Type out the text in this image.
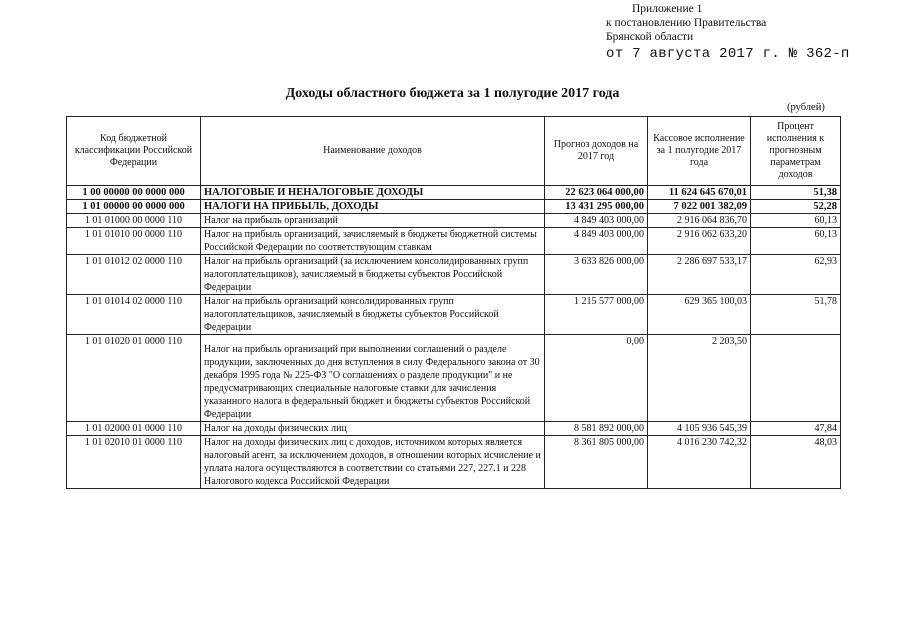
Приложение 1
к постановлению Правительства
Брянской области
от 7 августа 2017 г. № 362-п
Доходы областного бюджета за 1 полугодие 2017 года
(рублей)
Код бюджетной классификации Российской Федерации	Наименование доходов	Прогноз доходов на 2017 год	Кассовое исполнение за 1 полугодие 2017 года	Процент исполнения к прогнозным параметрам доходов
1 00 00000 00 0000 000	НАЛОГОВЫЕ И НЕНАЛОГОВЫЕ ДОХОДЫ	22 623 064 000,00	11 624 645 670,01	51,38
1 01 00000 00 0000 000	НАЛОГИ НА ПРИБЫЛЬ, ДОХОДЫ	13 431 295 000,00	7 022 001 382,09	52,28
1 01 01000 00 0000 110	Налог на прибыль организаций	4 849 403 000,00	2 916 064 836,70	60,13
1 01 01010 00 0000 110	Налог на прибыль организаций, зачисляемый в бюджеты бюджетной системы Российской Федерации по соответствующим ставкам	4 849 403 000,00	2 916 062 633,20	60,13
1 01 01012 02 0000 110	Налог на прибыль организаций (за исключением консолидированных групп налогоплательщиков), зачисляемый в бюджеты субъектов Российской Федерации	3 633 826 000,00	2 286 697 533,17	62,93
1 01 01014 02 0000 110	Налог на прибыль организаций консолидированных групп налогоплательщиков, зачисляемый в бюджеты субъектов Российской Федерации	1 215 577 000,00	629 365 100,03	51,78
1 01 01020 01 0000 110	Налог на прибыль организаций при выполнении соглашений о разделе продукции, заключенных до дня вступления в силу Федерального закона от 30 декабря 1995 года № 225-ФЗ "О соглашениях о разделе продукции" и не предусматривающих специальные налоговые ставки для зачисления указанного налога в федеральный бюджет и бюджеты субъектов Российской Федерации	0,00	2 203,50	
1 01 02000 01 0000 110	Налог на доходы физических лиц	8 581 892 000,00	4 105 936 545,39	47,84
1 01 02010 01 0000 110	Налог на доходы физических лиц с доходов, источником которых является налоговый агент, за исключением доходов, в отношении которых исчисление и уплата налога осуществляются в соответствии со статьями 227, 227.1 и 228 Налогового кодекса Российской Федерации	8 361 805 000,00	4 016 230 742,32	48,03
